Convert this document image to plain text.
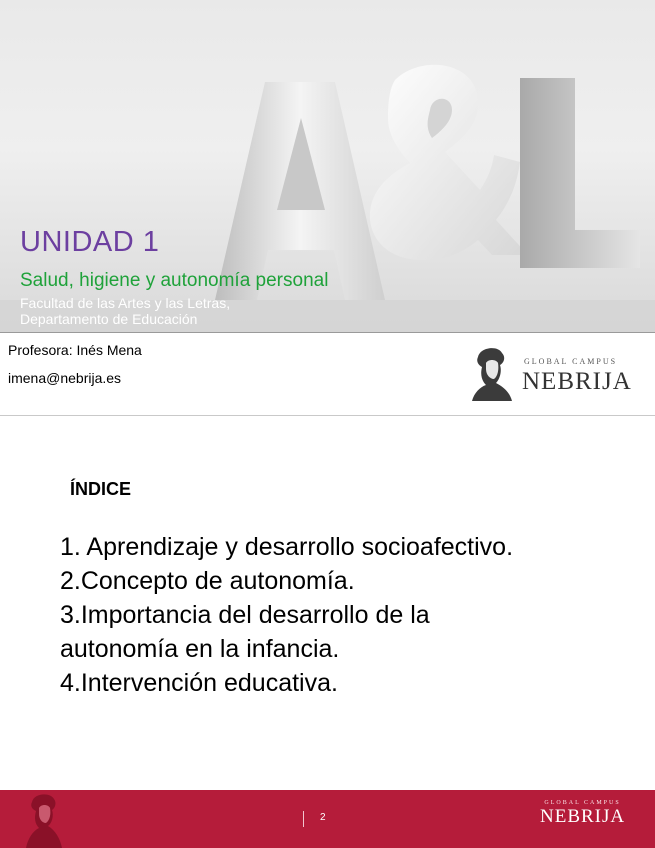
UNIDAD 1
Salud, higiene y autonomía personal
Facultad de las Artes y las Letras,
Departamento de Educación
Profesora: Inés Mena
imena@nebrija.es
GLOBAL CAMPUS
NEBRIJA
ÍNDICE
1. Aprendizaje y desarrollo socioafectivo.
2.Concepto de autonomía.
3.Importancia del desarrollo de la
autonomía en la infancia.
4.Intervención educativa.
2
GLOBAL CAMPUS
NEBRIJA
